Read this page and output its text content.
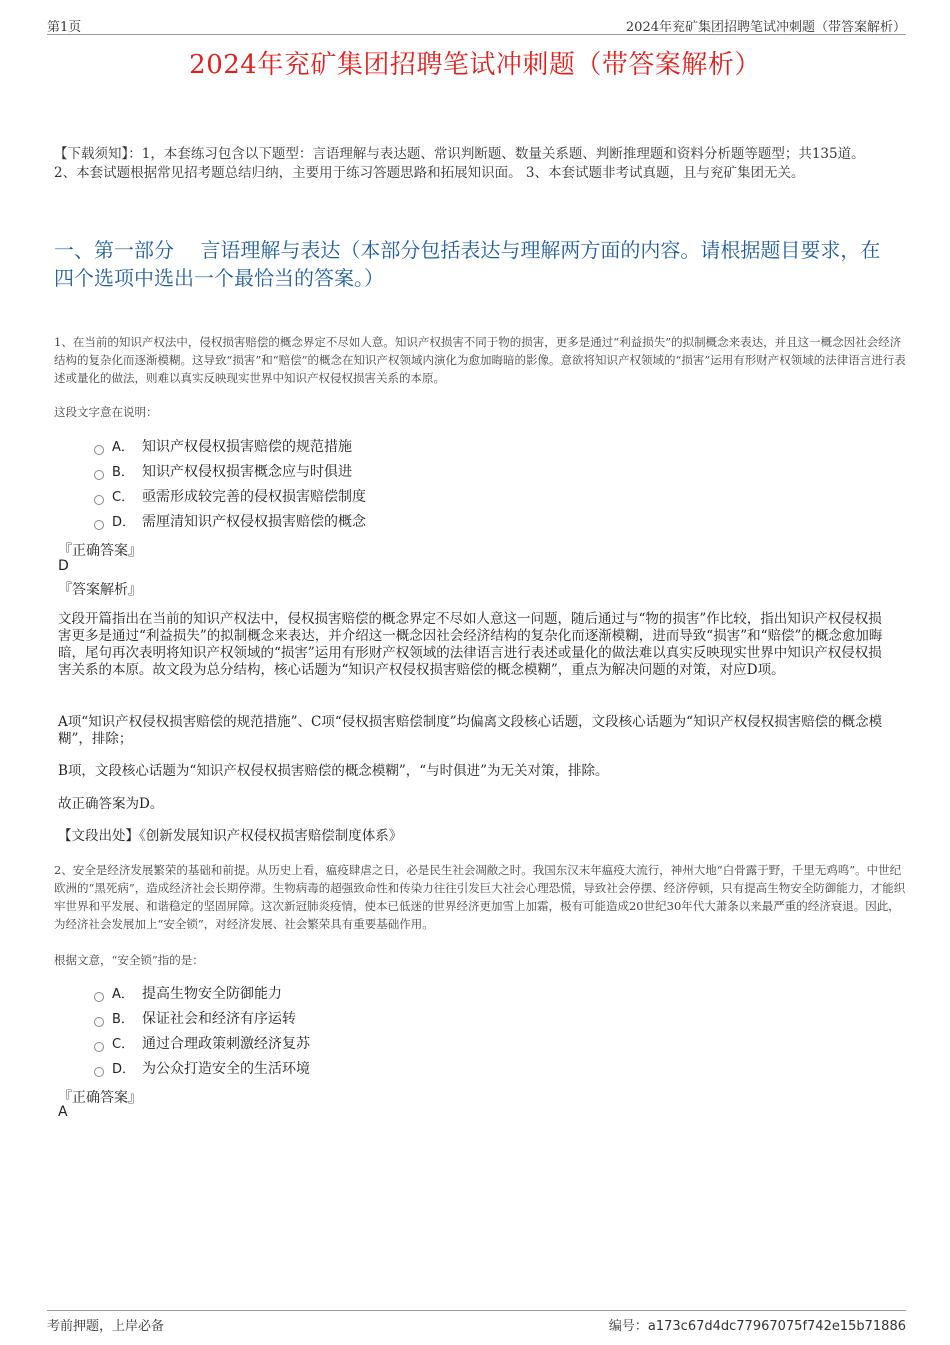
第1页	2024年兖矿集团招聘笔试冲刺题（带答案解析）
2024年兖矿集团招聘笔试冲刺题（带答案解析）
【下载须知】：1，本套练习包含以下题型：言语理解与表达题、常识判断题、数量关系题、判断推理题和资料分析题等题型；共135道。 2、本套试题根据常见招考题总结归纳，主要用于练习答题思路和拓展知识面。 3、本套试题非考试真题，且与兖矿集团无关。
一、第一部分　 言语理解与表达（本部分包括表达与理解两方面的内容。请根据题目要求，在四个选项中选出一个最恰当的答案。）
1、在当前的知识产权法中，侵权损害赔偿的概念界定不尽如人意。知识产权损害不同于物的损害，更多是通过“利益损失”的拟制概念来表达，并且这一概念因社会经济结构的复杂化而逐渐模糊。这导致“损害”和“赔偿”的概念在知识产权领域内演化为愈加晦暗的影像。意欲将知识产权领域的“损害”运用有形财产权领域的法律语言进行表述或量化的做法，则难以真实反映现实世界中知识产权侵权损害关系的本原。
这段文字意在说明：
A． 知识产权侵权损害赔偿的规范措施
B． 知识产权侵权损害概念应与时俱进
C． 亟需形成较完善的侵权损害赔偿制度
D． 需厘清知识产权侵权损害赔偿的概念
『正确答案』
D
『答案解析』
文段开篇指出在当前的知识产权法中，侵权损害赔偿的概念界定不尽如人意这一问题，随后通过与“物的损害”作比较，指出知识产权侵权损害更多是通过“利益损失”的拟制概念来表达，并介绍这一概念因社会经济结构的复杂化而逐渐模糊，进而导致“损害”和“赔偿”的概念愈加晦暗，尾句再次表明将知识产权领域的“损害”运用有形财产权领域的法律语言进行表述或量化的做法难以真实反映现实世界中知识产权侵权损害关系的本原。故文段为总分结构，核心话题为“知识产权侵权损害赔偿的概念模糊”，重点为解决问题的对策，对应D项。
A项“知识产权侵权损害赔偿的规范措施”、C项“侵权损害赔偿制度”均偏离文段核心话题，文段核心话题为“知识产权侵权损害赔偿的概念模糊”，排除；
B项，文段核心话题为“知识产权侵权损害赔偿的概念模糊”，“与时俱进”为无关对策，排除。
故正确答案为D。
【文段出处】《创新发展知识产权侵权损害赔偿制度体系》
2、安全是经济发展繁荣的基础和前提。从历史上看，瘟疫肆虐之日，必是民生社会凋敝之时。我国东汉末年瘟疫大流行，神州大地“白骨露于野，千里无鸡鸣”。中世纪欧洲的“黑死病”，造成经济社会长期停滞。生物病毒的超强致命性和传染力往往引发巨大社会心理恐慌，导致社会停摆、经济停顿，只有提高生物安全防御能力，才能织牢世界和平发展、和谐稳定的坚固屏障。这次新冠肺炎疫情，使本已低迷的世界经济更加雪上加霜，极有可能造成20世纪30年代大萧条以来最严重的经济衰退。因此，为经济社会发展加上“安全锁”，对经济发展、社会繁荣具有重要基础作用。
根据文意，“安全锁”指的是：
A． 提高生物安全防御能力
B． 保证社会和经济有序运转
C． 通过合理政策刺激经济复苏
D． 为公众打造安全的生活环境
『正确答案』
A
考前押题，上岸必备	编号：a173c67d4dc77967075f742e15b71886
